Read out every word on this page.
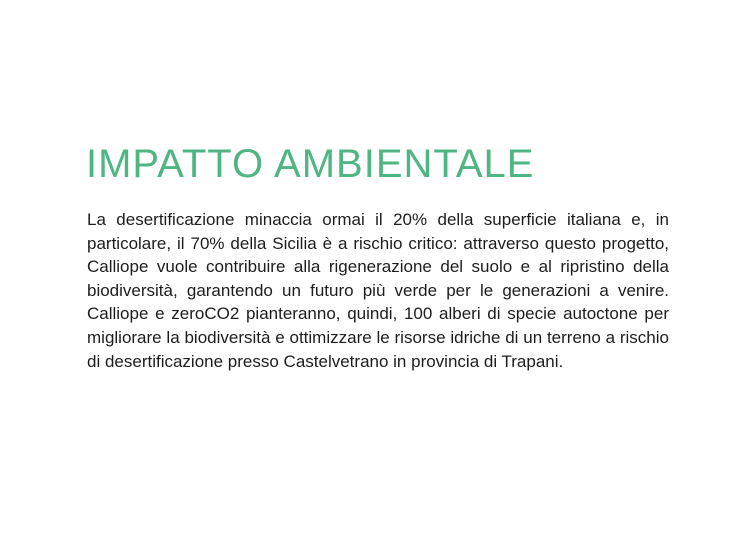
IMPATTO AMBIENTALE

La desertificazione minaccia ormai il 20% della superficie italiana e, in particolare, il 70% della Sicilia è a rischio critico: attraverso questo progetto, Calliope vuole contribuire alla rigenerazione del suolo e al ripristino della biodiversità, garantendo un futuro più verde per le generazioni a venire. Calliope e zeroCO2 pianteranno, quindi, 100 alberi di specie autoctone per migliorare la biodiversità e ottimizzare le risorse idriche di un terreno a rischio di desertificazione presso Castelvetrano in provincia di Trapani.
